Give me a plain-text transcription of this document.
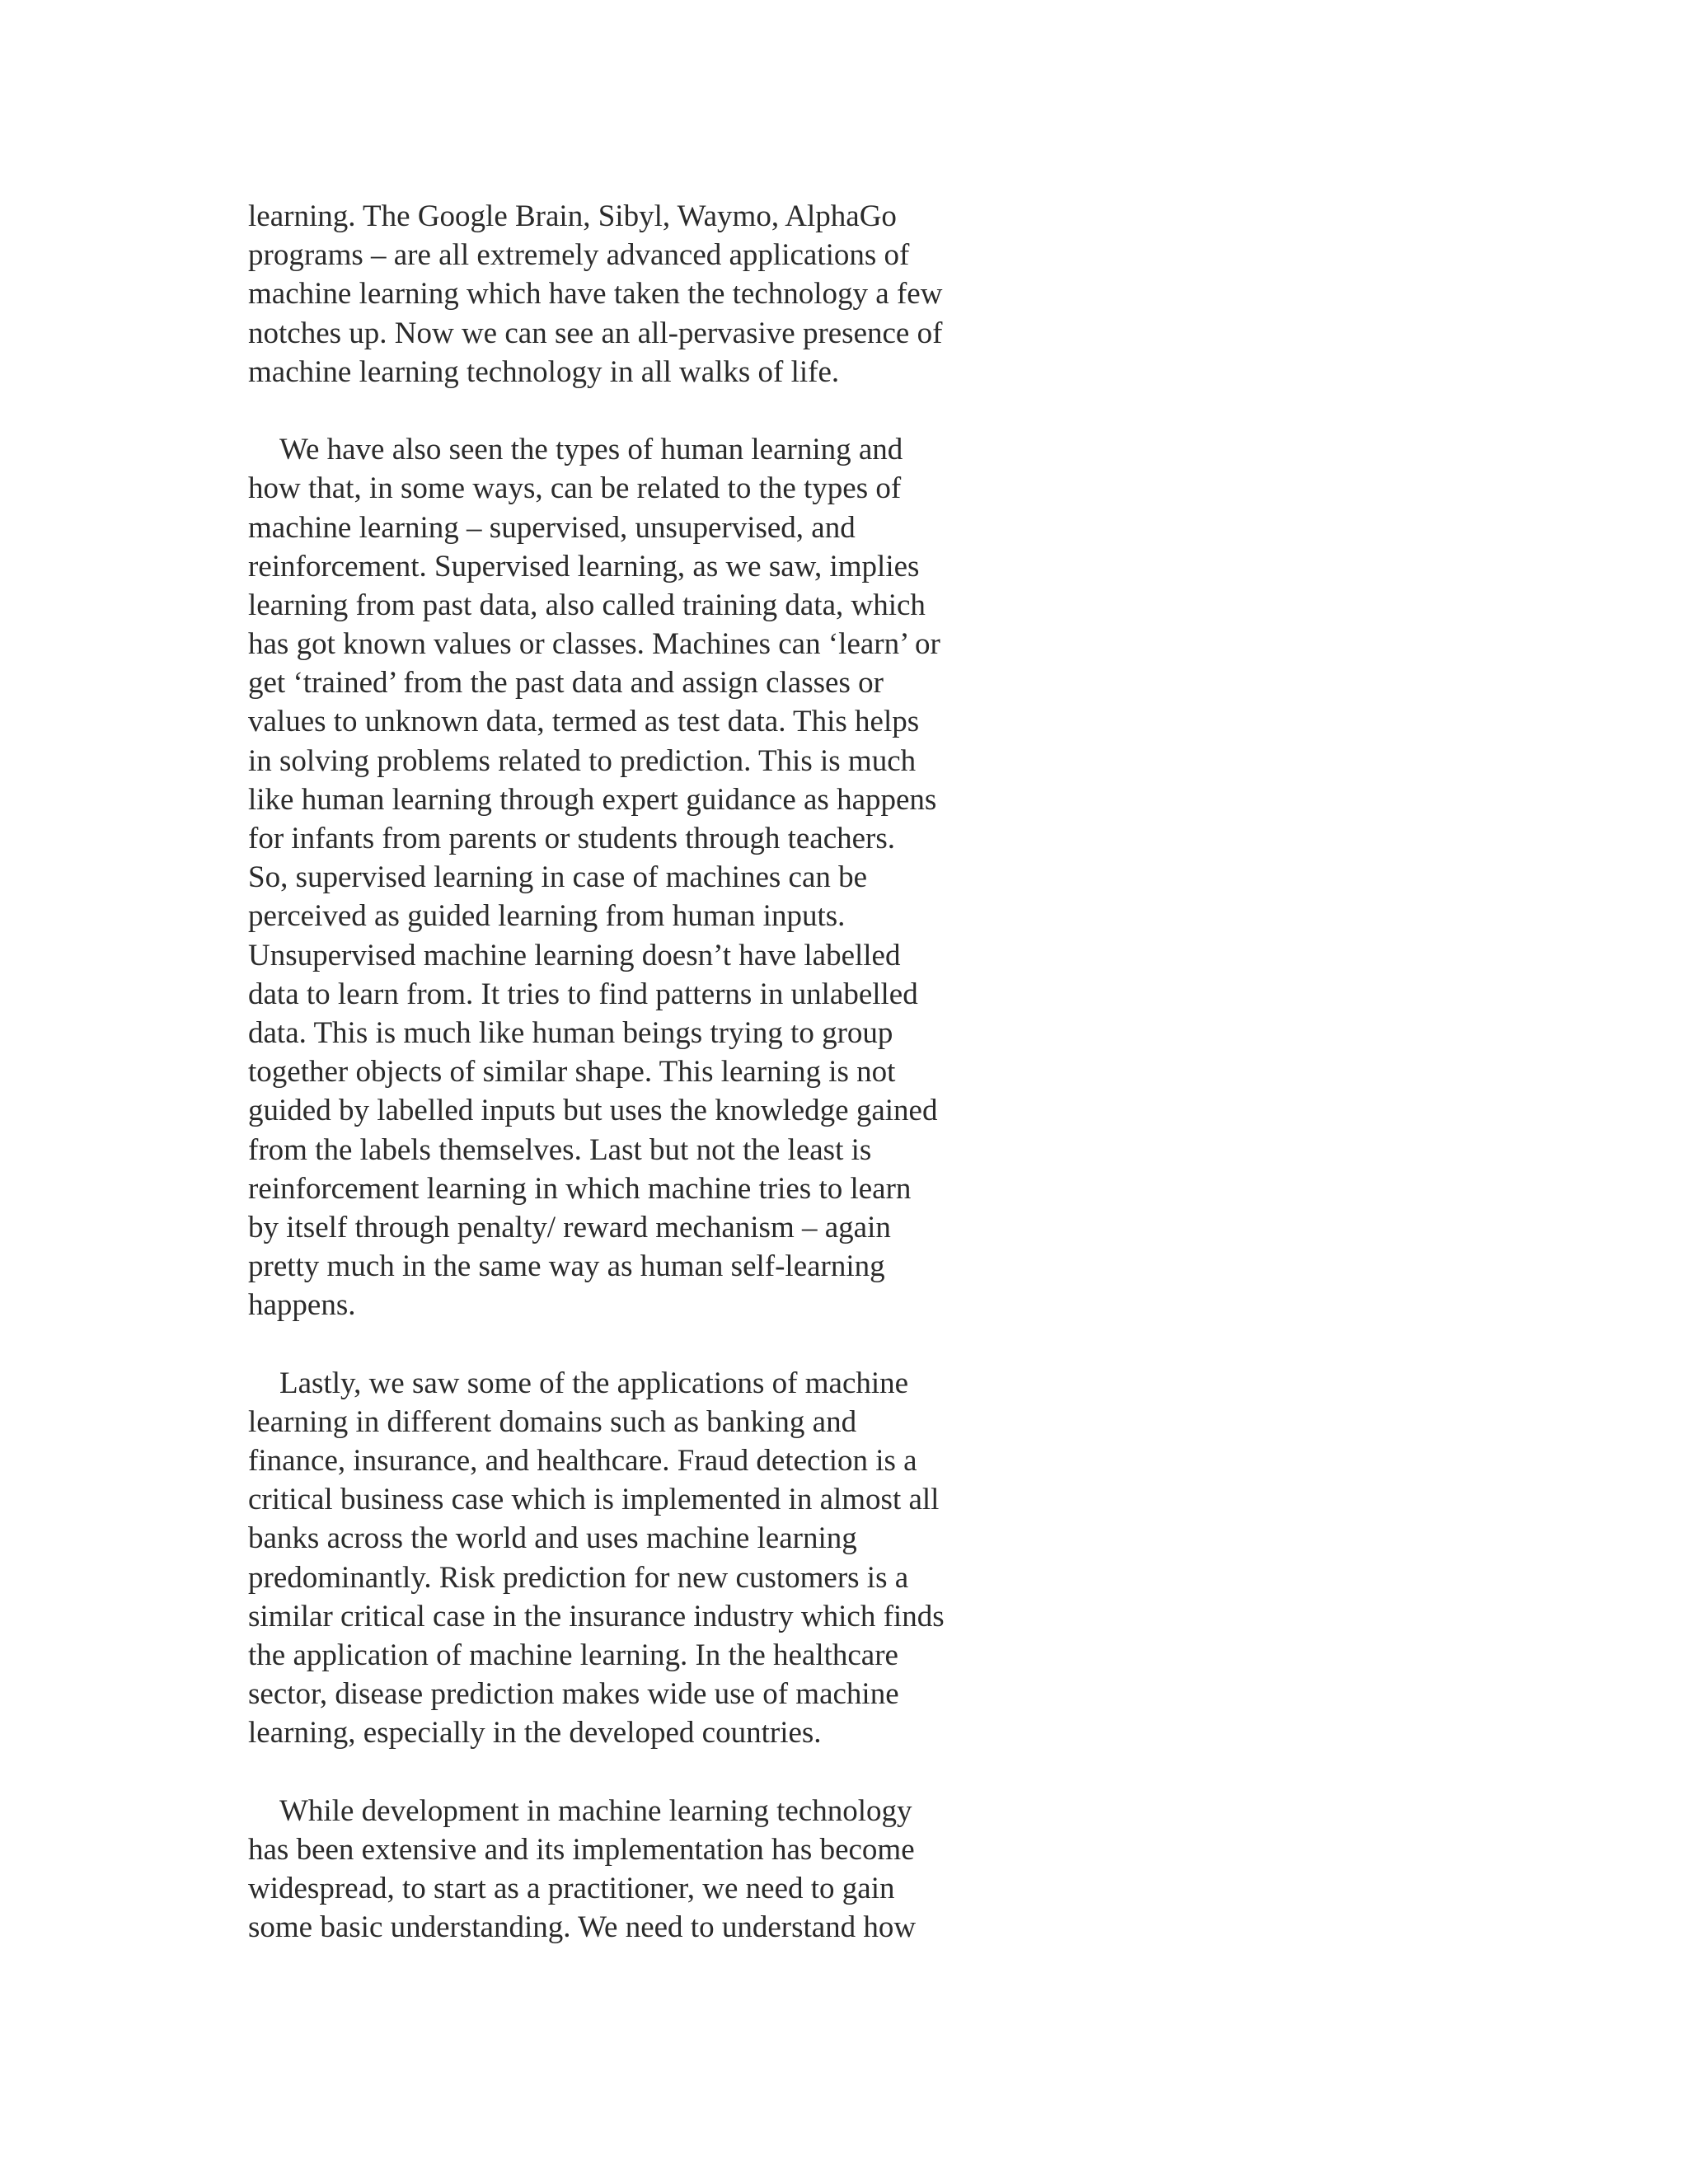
learning. The Google Brain, Sibyl, Waymo, AlphaGo
programs – are all extremely advanced applications of
machine learning which have taken the technology a few
notches up. Now we can see an all-pervasive presence of
machine learning technology in all walks of life.
We have also seen the types of human learning and
how that, in some ways, can be related to the types of
machine learning – supervised, unsupervised, and
reinforcement. Supervised learning, as we saw, implies
learning from past data, also called training data, which
has got known values or classes. Machines can ‘learn’ or
get ‘trained’ from the past data and assign classes or
values to unknown data, termed as test data. This helps
in solving problems related to prediction. This is much
like human learning through expert guidance as happens
for infants from parents or students through teachers.
So, supervised learning in case of machines can be
perceived as guided learning from human inputs.
Unsupervised machine learning doesn’t have labelled
data to learn from. It tries to find patterns in unlabelled
data. This is much like human beings trying to group
together objects of similar shape. This learning is not
guided by labelled inputs but uses the knowledge gained
from the labels themselves. Last but not the least is
reinforcement learning in which machine tries to learn
by itself through penalty/ reward mechanism – again
pretty much in the same way as human self-learning
happens.
Lastly, we saw some of the applications of machine
learning in different domains such as banking and
finance, insurance, and healthcare. Fraud detection is a
critical business case which is implemented in almost all
banks across the world and uses machine learning
predominantly. Risk prediction for new customers is a
similar critical case in the insurance industry which finds
the application of machine learning. In the healthcare
sector, disease prediction makes wide use of machine
learning, especially in the developed countries.
While development in machine learning technology
has been extensive and its implementation has become
widespread, to start as a practitioner, we need to gain
some basic understanding. We need to understand how
